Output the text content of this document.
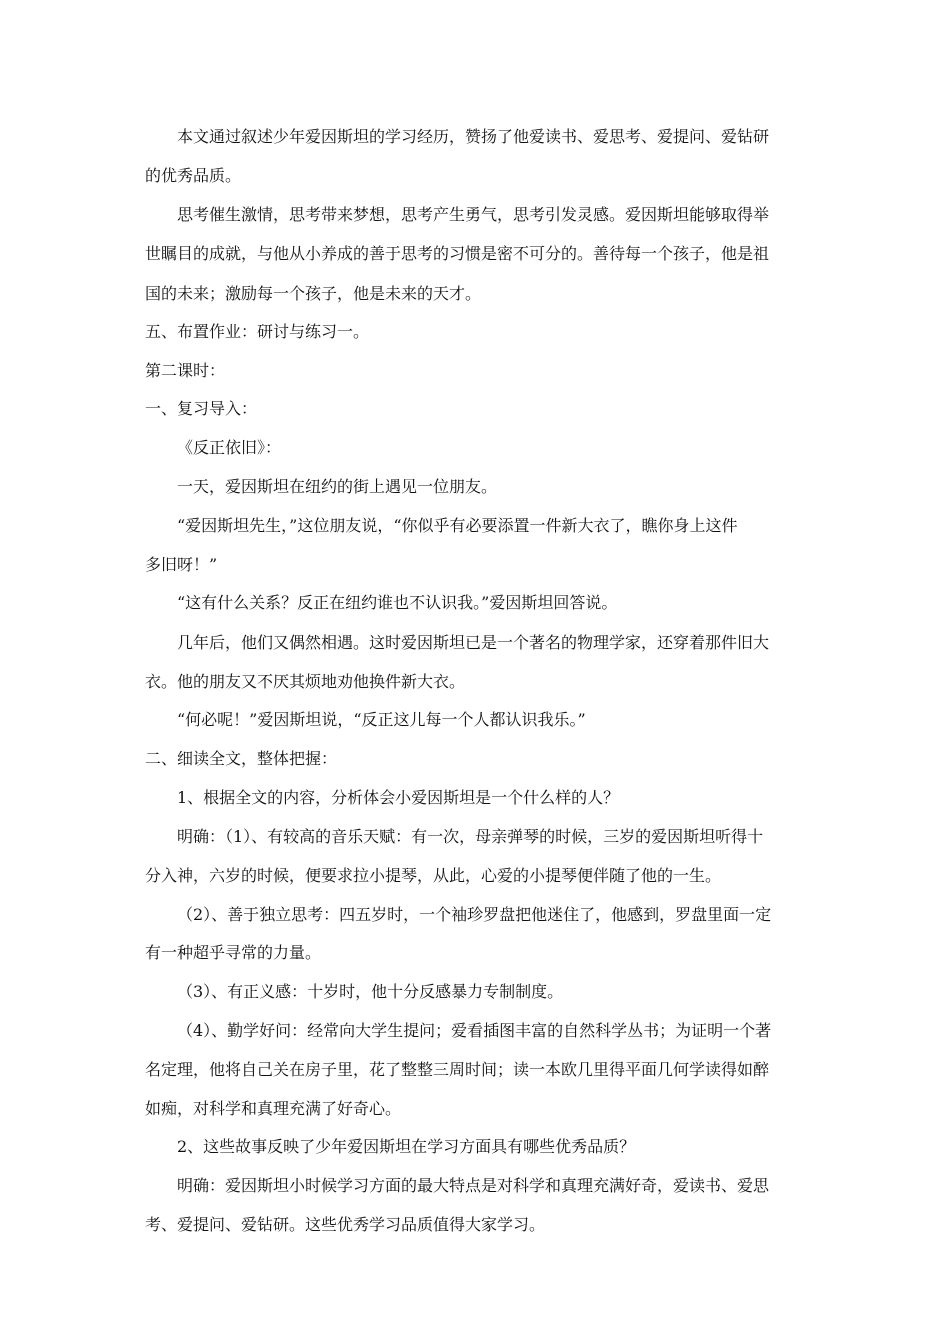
本文通过叙述少年爱因斯坦的学习经历，赞扬了他爱读书、爱思考、爱提问、爱钻研
的优秀品质。
思考催生激情，思考带来梦想，思考产生勇气，思考引发灵感。爱因斯坦能够取得举
世瞩目的成就，与他从小养成的善于思考的习惯是密不可分的。善待每一个孩子，他是祖
国的未来；激励每一个孩子，他是未来的天才。
五、布置作业：研讨与练习一。
第二课时：
一、复习导入：
《反正依旧》：
一天，爱因斯坦在纽约的街上遇见一位朋友。
“爱因斯坦先生，”这位朋友说，“你似乎有必要添置一件新大衣了，瞧你身上这件
多旧呀！”
“这有什么关系？反正在纽约谁也不认识我。”爱因斯坦回答说。
几年后，他们又偶然相遇。这时爱因斯坦已是一个著名的物理学家，还穿着那件旧大
衣。他的朋友又不厌其烦地劝他换件新大衣。
“何必呢！”爱因斯坦说，“反正这儿每一个人都认识我乐。”
二、细读全文，整体把握：
1、根据全文的内容，分析体会小爱因斯坦是一个什么样的人？
明确：（1）、有较高的音乐天赋：有一次，母亲弹琴的时候，三岁的爱因斯坦听得十
分入神，六岁的时候，便要求拉小提琴，从此，心爱的小提琴便伴随了他的一生。
（2）、善于独立思考：四五岁时，一个袖珍罗盘把他迷住了，他感到，罗盘里面一定
有一种超乎寻常的力量。
（3）、有正义感：十岁时，他十分反感暴力专制制度。
（4）、勤学好问：经常向大学生提问；爱看插图丰富的自然科学丛书；为证明一个著
名定理，他将自己关在房子里，花了整整三周时间；读一本欧几里得平面几何学读得如醉
如痴，对科学和真理充满了好奇心。
2、这些故事反映了少年爱因斯坦在学习方面具有哪些优秀品质？
明确：爱因斯坦小时候学习方面的最大特点是对科学和真理充满好奇，爱读书、爱思
考、爱提问、爱钻研。这些优秀学习品质值得大家学习。
